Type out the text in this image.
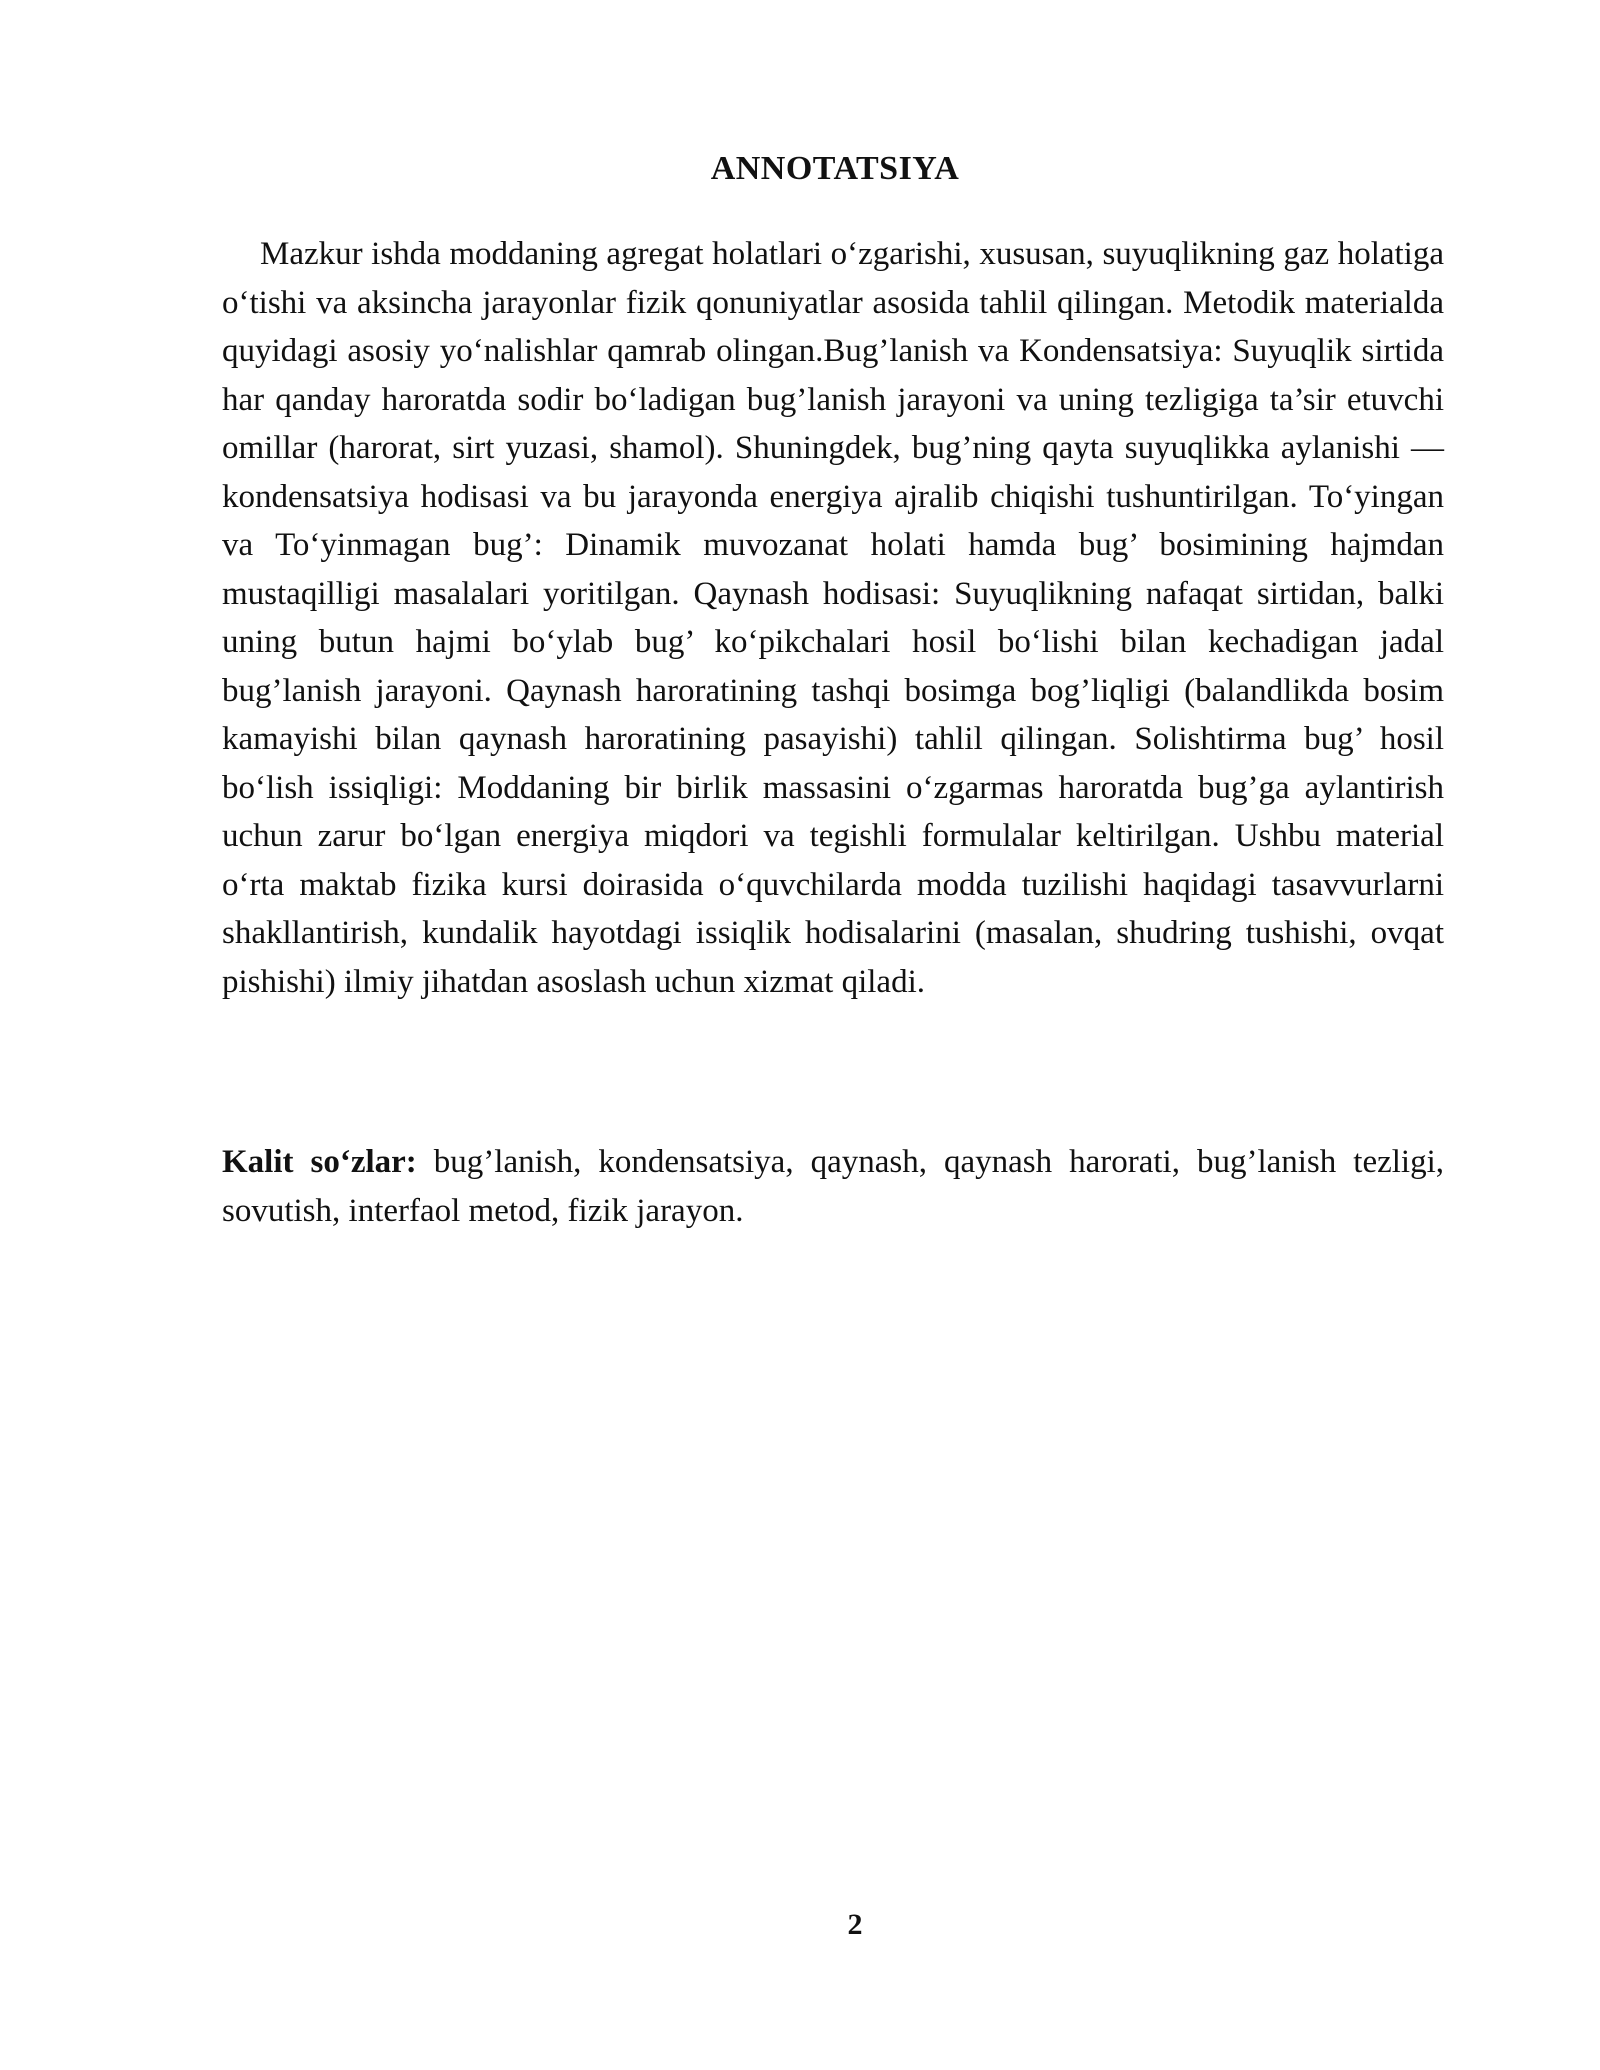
ANNOTATSIYA

Mazkur ishda moddaning agregat holatlari o‘zgarishi, xususan, suyuqlikning gaz holatiga o‘tishi va aksincha jarayonlar fizik qonuniyatlar asosida tahlil qilingan. Metodik materialda quyidagi asosiy yo‘nalishlar qamrab olingan.Bug’lanish va Kondensatsiya: Suyuqlik sirtida har qanday haroratda sodir bo‘ladigan bug’lanish jarayoni va uning tezligiga ta’sir etuvchi omillar (harorat, sirt yuzasi, shamol). Shuningdek, bug’ning qayta suyuqlikka aylanishi — kondensatsiya hodisasi va bu jarayonda energiya ajralib chiqishi tushuntirilgan. To‘yingan va To‘yinmagan bug’: Dinamik muvozanat holati hamda bug’ bosimining hajmdan mustaqilligi masalalari yoritilgan. Qaynash hodisasi: Suyuqlikning nafaqat sirtidan, balki uning butun hajmi bo‘ylab bug’ ko‘pikchalari hosil bo‘lishi bilan kechadigan jadal bug’lanish jarayoni. Qaynash haroratining tashqi bosimga bog’liqligi (balandlikda bosim kamayishi bilan qaynash haroratining pasayishi) tahlil qilingan. Solishtirma bug’ hosil bo‘lish issiqligi: Moddaning bir birlik massasini o‘zgarmas haroratda bug’ga aylantirish uchun zarur bo‘lgan energiya miqdori va tegishli formulalar keltirilgan. Ushbu material o‘rta maktab fizika kursi doirasida o‘quvchilarda modda tuzilishi haqidagi tasavvurlarni shakllantirish, kundalik hayotdagi issiqlik hodisalarini (masalan, shudring tushishi, ovqat pishishi) ilmiy jihatdan asoslash uchun xizmat qiladi.

Kalit so‘zlar: bug’lanish, kondensatsiya, qaynash, qaynash harorati, bug’lanish tezligi, sovutish, interfaol metod, fizik jarayon.

2
